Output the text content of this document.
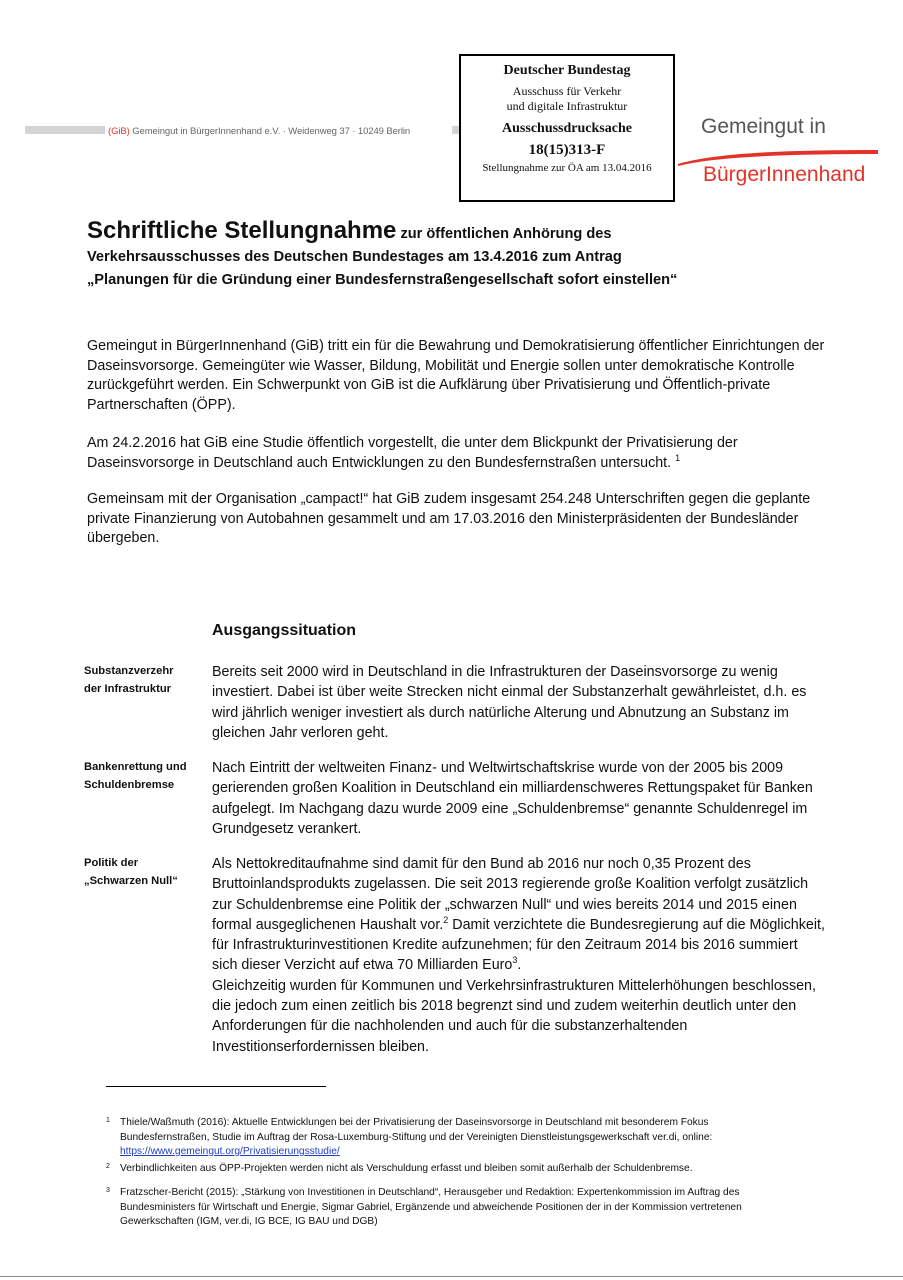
(GiB) Gemeingut in BürgerInnenhand e.V. · Weidenweg 37 · 10249 Berlin
Deutscher Bundestag
Ausschuss für Verkehr
und digitale Infrastruktur
Ausschussdrucksache
18(15)313-F
Stellungnahme zur ÖA am 13.04.2016
Gemeingut in
BürgerInnenhand
Schriftliche Stellungnahme zur öffentlichen Anhörung des
Verkehrsausschusses des Deutschen Bundestages am 13.4.2016 zum Antrag
„Planungen für die Gründung einer Bundesfernstraßengesellschaft sofort einstellen“
Gemeingut in BürgerInnenhand (GiB) tritt ein für die Bewahrung und Demokratisierung öffentlicher Einrichtungen der Daseinsvorsorge. Gemeingüter wie Wasser, Bildung, Mobilität und Energie sollen unter demokratische Kontrolle zurückgeführt werden. Ein Schwerpunkt von GiB ist die Aufklärung über Privatisierung und Öffentlich-private Partnerschaften (ÖPP).
Am 24.2.2016 hat GiB eine Studie öffentlich vorgestellt, die unter dem Blickpunkt der Privatisierung der Daseinsvorsorge in Deutschland auch Entwicklungen zu den Bundesfernstraßen untersucht. $^1$
Gemeinsam mit der Organisation „campact!“ hat GiB zudem insgesamt 254.248 Unterschriften gegen die geplante private Finanzierung von Autobahnen gesammelt und am 17.03.2016 den Ministerpräsidenten der Bundesländer übergeben.
Ausgangssituation
Substanzverzehr
der Infrastruktur
Bereits seit 2000 wird in Deutschland in die Infrastrukturen der Daseinsvorsorge zu wenig investiert. Dabei ist über weite Strecken nicht einmal der Substanzerhalt gewährleistet, d.h. es wird jährlich weniger investiert als durch natürliche Alterung und Abnutzung an Substanz im gleichen Jahr verloren geht.
Bankenrettung und
Schuldenbremse
Nach Eintritt der weltweiten Finanz- und Weltwirtschaftskrise wurde von der 2005 bis 2009 gerierenden großen Koalition in Deutschland ein milliardenschweres Rettungspaket für Banken aufgelegt. Im Nachgang dazu wurde 2009 eine „Schuldenbremse“ genannte Schuldenregel im Grundgesetz verankert.
Politik der
„Schwarzen Null“
Als Nettokreditaufnahme sind damit für den Bund ab 2016 nur noch 0,35 Prozent des Bruttoinlandsprodukts zugelassen. Die seit 2013 regierende große Koalition verfolgt zusätzlich zur Schuldenbremse eine Politik der „schwarzen Null“ und wies bereits 2014 und 2015 einen formal ausgeglichenen Haushalt vor.$^2$ Damit verzichtete die Bundesregierung auf die Möglichkeit, für Infrastrukturinvestitionen Kredite aufzunehmen; für den Zeitraum 2014 bis 2016 summiert sich dieser Verzicht auf etwa 70 Milliarden Euro$^3$.
Gleichzeitig wurden für Kommunen und Verkehrsinfrastrukturen Mittelerhöhungen beschlossen, die jedoch zum einen zeitlich bis 2018 begrenzt sind und zudem weiterhin deutlich unter den Anforderungen für die nachholenden und auch für die substanzerhaltenden Investitionserfordernissen bleiben.
1 Thiele/Waßmuth (2016): Aktuelle Entwicklungen bei der Privatisierung der Daseinsvorsorge in Deutschland mit besonderem Fokus Bundesfernstraßen, Studie im Auftrag der Rosa-Luxemburg-Stiftung und der Vereinigten Dienstleistungsgewerkschaft ver.di, online:
https://www.gemeingut.org/Privatisierungsstudie/
2 Verbindlichkeiten aus ÖPP-Projekten werden nicht als Verschuldung erfasst und bleiben somit außerhalb der Schuldenbremse.
3 Fratzscher-Bericht (2015): „Stärkung von Investitionen in Deutschland“, Herausgeber und Redaktion: Expertenkommission im Auftrag des Bundesministers für Wirtschaft und Energie, Sigmar Gabriel, Ergänzende und abweichende Positionen der in der Kommission vertretenen Gewerkschaften (IGM, ver.di, IG BCE, IG BAU und DGB)
